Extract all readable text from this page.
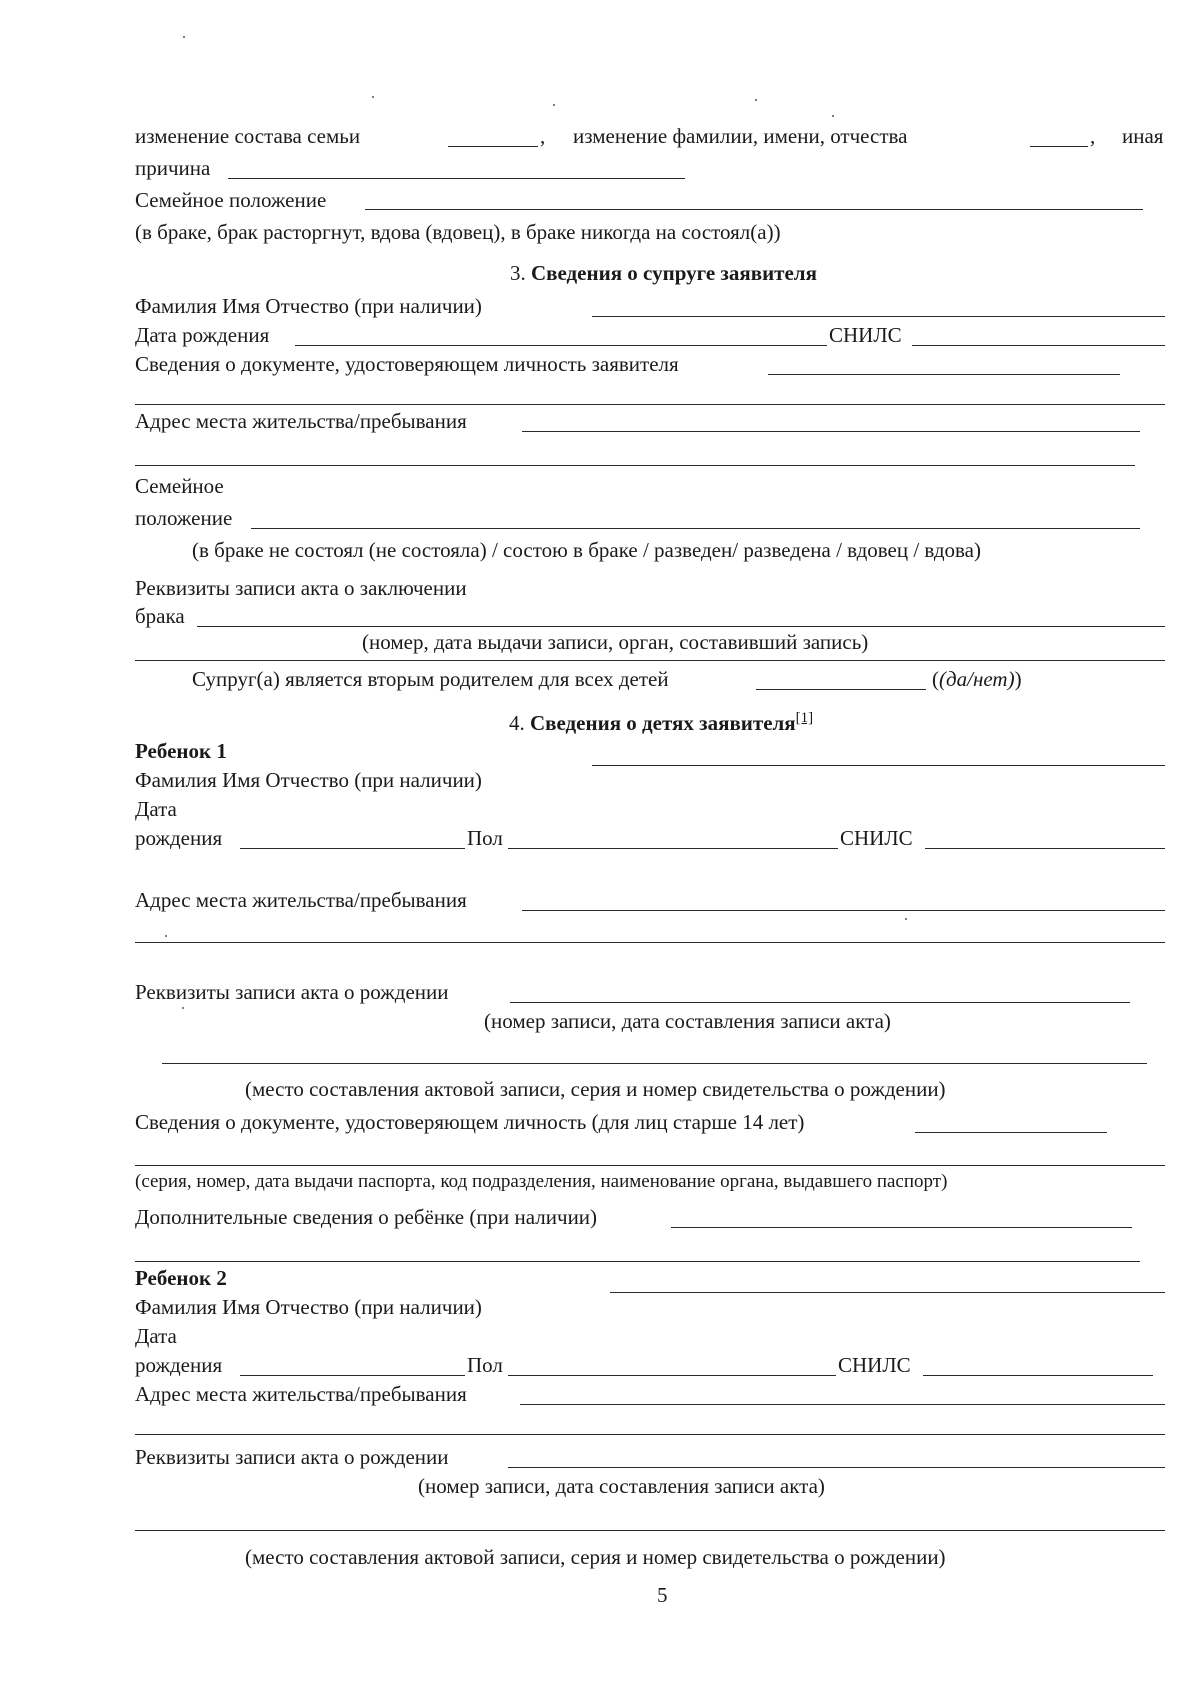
изменение состава семьи	, изменение фамилии, имени, отчества	, иная
причина
Семейное положение
(в браке, брак расторгнут, вдова (вдовец), в браке никогда на состоял(а))
3. Сведения о супруге заявителя
Фамилия Имя Отчество (при наличии)
Дата рождения	СНИЛС
Сведения о документе, удостоверяющем личность заявителя
Адрес места жительства/пребывания
Семейное
положение
(в браке не состоял (не состояла) / состою в браке / разведен/ разведена / вдовец / вдова)
Реквизиты записи акта о заключении
брака
(номер, дата выдачи записи, орган, составивший запись)
Супруг(а) является вторым родителем для всех детей	((да/нет))
4. Сведения о детях заявителя[1]
Ребенок 1
Фамилия Имя Отчество (при наличии)
Дата
рождения	Пол	СНИЛС
Адрес места жительства/пребывания
Реквизиты записи акта о рождении
(номер записи, дата составления записи акта)
(место составления актовой записи, серия и номер свидетельства о рождении)
Сведения о документе, удостоверяющем личность (для лиц старше 14 лет)
(серия, номер, дата выдачи паспорта, код подразделения, наименование органа, выдавшего паспорт)
Дополнительные сведения о ребёнке (при наличии)
Ребенок 2
Фамилия Имя Отчество (при наличии)
Дата
рождения	Пол	СНИЛС
Адрес места жительства/пребывания
Реквизиты записи акта о рождении
(номер записи, дата составления записи акта)
(место составления актовой записи, серия и номер свидетельства о рождении)
5
